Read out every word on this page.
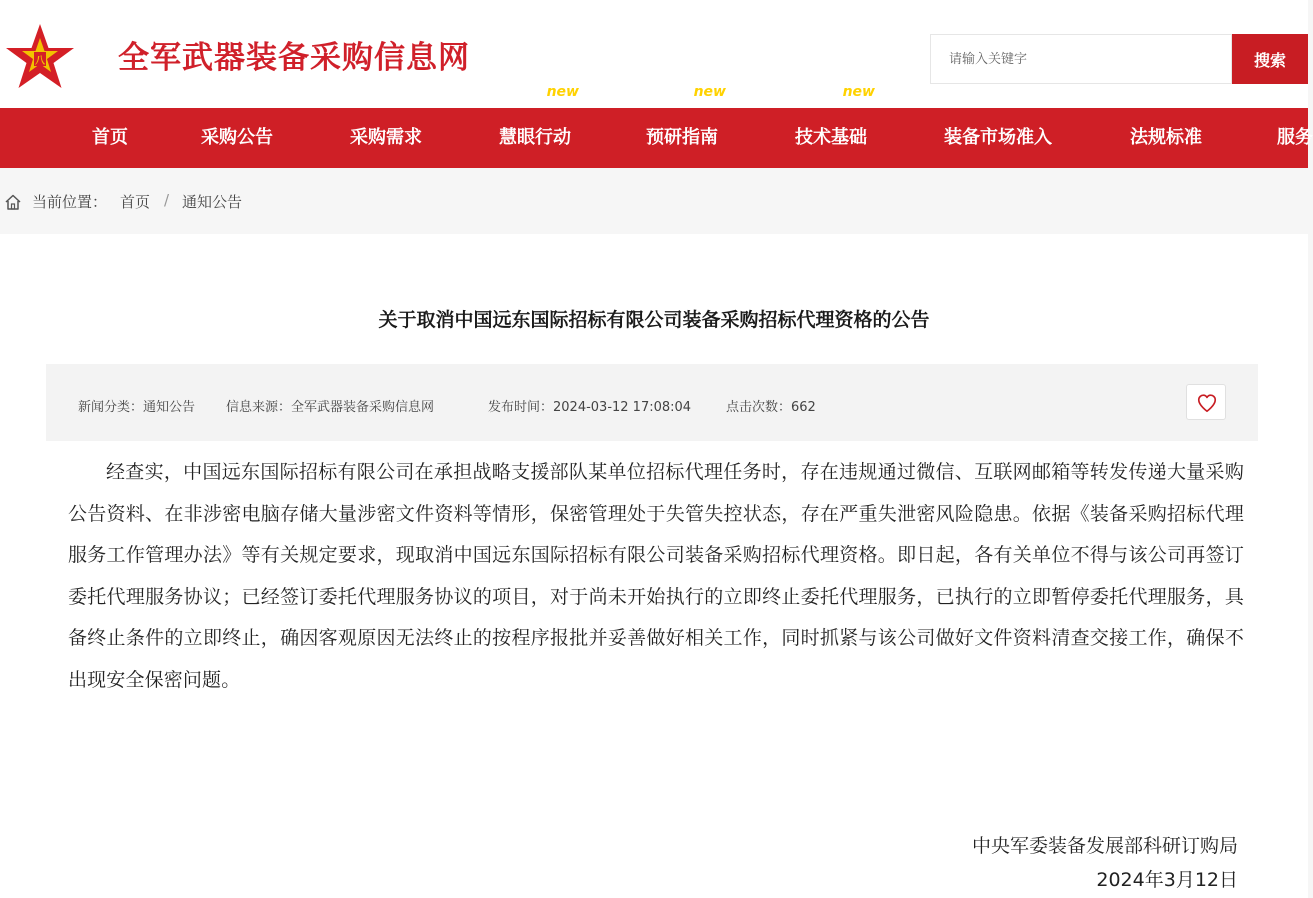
八 全军武器装备采购信息网
请输入关键字	搜索
首页	采购公告	采购需求	慧眼行动
new
预研指南
new
技术基础
new
装备市场准入	法规标准	服务
当前位置： 首页 / 通知公告
关于取消中国远东国际招标有限公司装备采购招标代理资格的公告
新闻分类：通知公告 信息来源：全军武器装备采购信息网	发布时间：2024-03-12 17:08:04	点击次数：662
经查实，中国远东国际招标有限公司在承担战略支援部队某单位招标代理任务时，存在违规通过微信、互联网邮箱等转发传递大量采购公告资料、在非涉密电脑存储大量涉密文件资料等情形，保密管理处于失管失控状态，存在严重失泄密风险隐患。依据《装备采购招标代理服务工作管理办法》等有关规定要求，现取消中国远东国际招标有限公司装备采购招标代理资格。即日起，各有关单位不得与该公司再签订委托代理服务协议；已经签订委托代理服务协议的项目，对于尚未开始执行的立即终止委托代理服务，已执行的立即暂停委托代理服务，具备终止条件的立即终止，确因客观原因无法终止的按程序报批并妥善做好相关工作，同时抓紧与该公司做好文件资料清查交接工作，确保不出现安全保密问题。
中央军委装备发展部科研订购局
2024年3月12日
